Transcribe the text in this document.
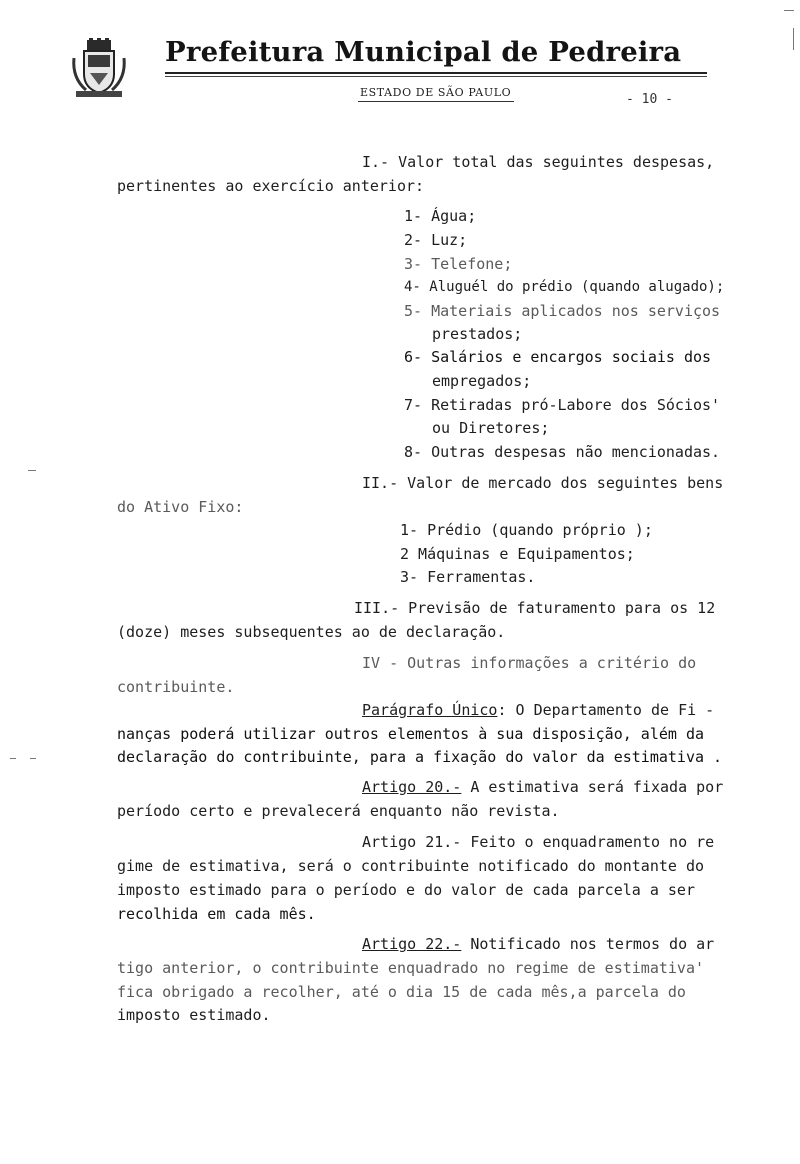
Prefeitura Municipal de Pedreira
ESTADO DE SÃO PAULO	- 10 -
I.- Valor total das seguintes despesas,
pertinentes ao exercício anterior:
1- Água;
2- Luz;
3- Telefone;
4- Aluguél do prédio (quando alugado);
5- Materiais aplicados nos serviços
prestados;
6- Salários e encargos sociais dos
empregados;
7- Retiradas pró-Labore dos Sócios'
ou Diretores;
8- Outras despesas não mencionadas.
II.- Valor de mercado dos seguintes bens
do Ativo Fixo:
1- Prédio (quando próprio );
2 Máquinas e Equipamentos;
3- Ferramentas.
III.- Previsão de faturamento para os 12
(doze) meses subsequentes ao de declaração.
IV - Outras informações a critério do
contribuinte.
Parágrafo Único: O Departamento de Fi -
nanças poderá utilizar outros elementos à sua disposição, além da
declaração do contribuinte, para a fixação do valor da estimativa .
Artigo 20.- A estimativa será fixada por
período certo e prevalecerá enquanto não revista.
Artigo 21.- Feito o enquadramento no re
gime de estimativa, será o contribuinte notificado do montante do
imposto estimado para o período e do valor de cada parcela a ser
recolhida em cada mês.
Artigo 22.- Notificado nos termos do ar
tigo anterior, o contribuinte enquadrado no regime de estimativa'
fica obrigado a recolher, até o dia 15 de cada mês,a parcela do
imposto estimado.
